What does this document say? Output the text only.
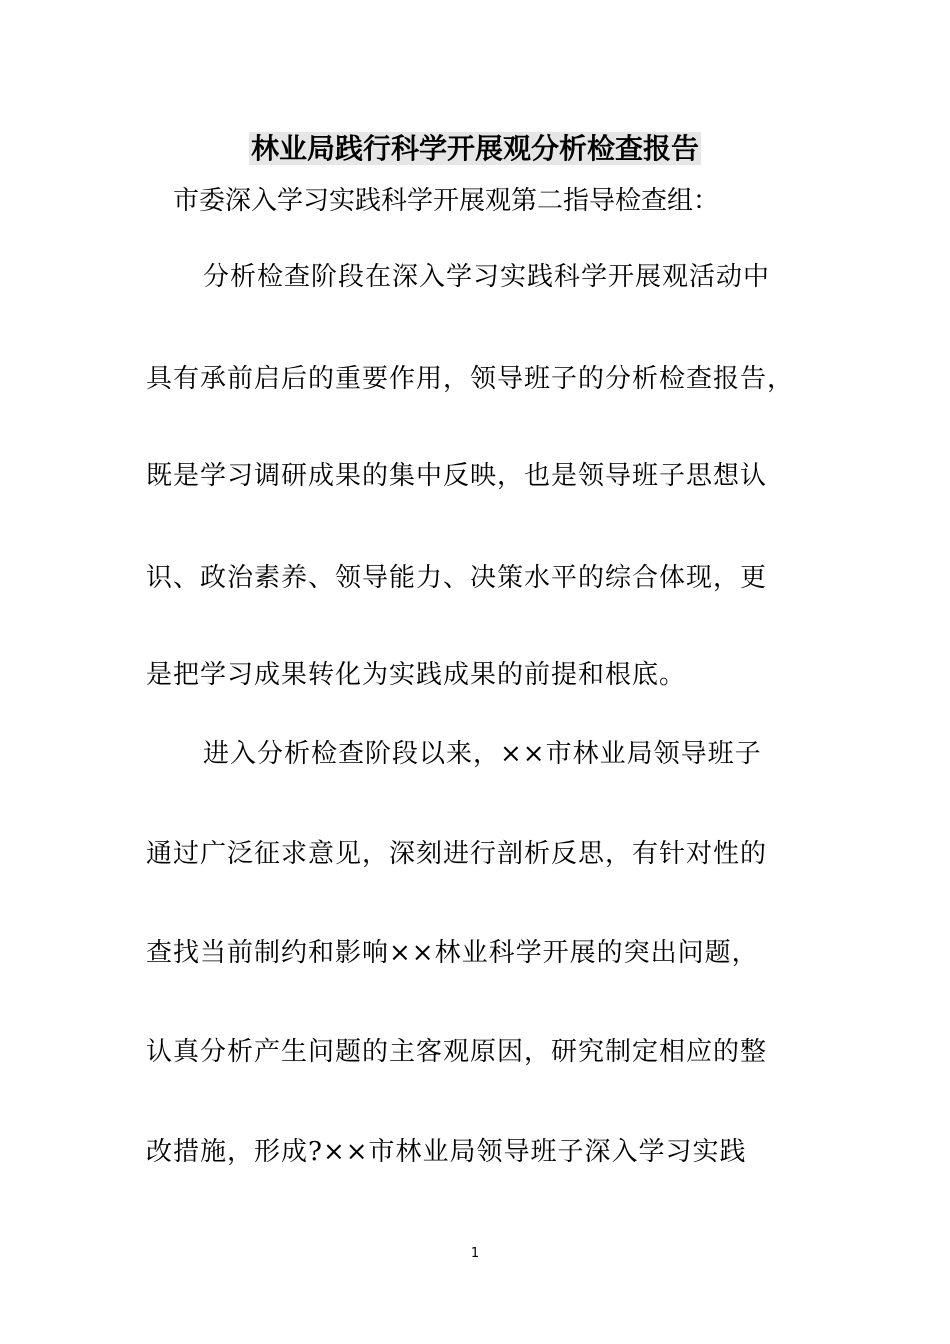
林业局践行科学开展观分析检查报告

市委深入学习实践科学开展观第二指导检查组：

分析检查阶段在深入学习实践科学开展观活动中

具有承前启后的重要作用，领导班子的分析检查报告，

既是学习调研成果的集中反映，也是领导班子思想认

识、政治素养、领导能力、决策水平的综合体现，更

是把学习成果转化为实践成果的前提和根底。

进入分析检查阶段以来，××市林业局领导班子

通过广泛征求意见，深刻进行剖析反思，有针对性的

查找当前制约和影响××林业科学开展的突出问题，

认真分析产生问题的主客观原因，研究制定相应的整

改措施，形成?××市林业局领导班子深入学习实践

1
